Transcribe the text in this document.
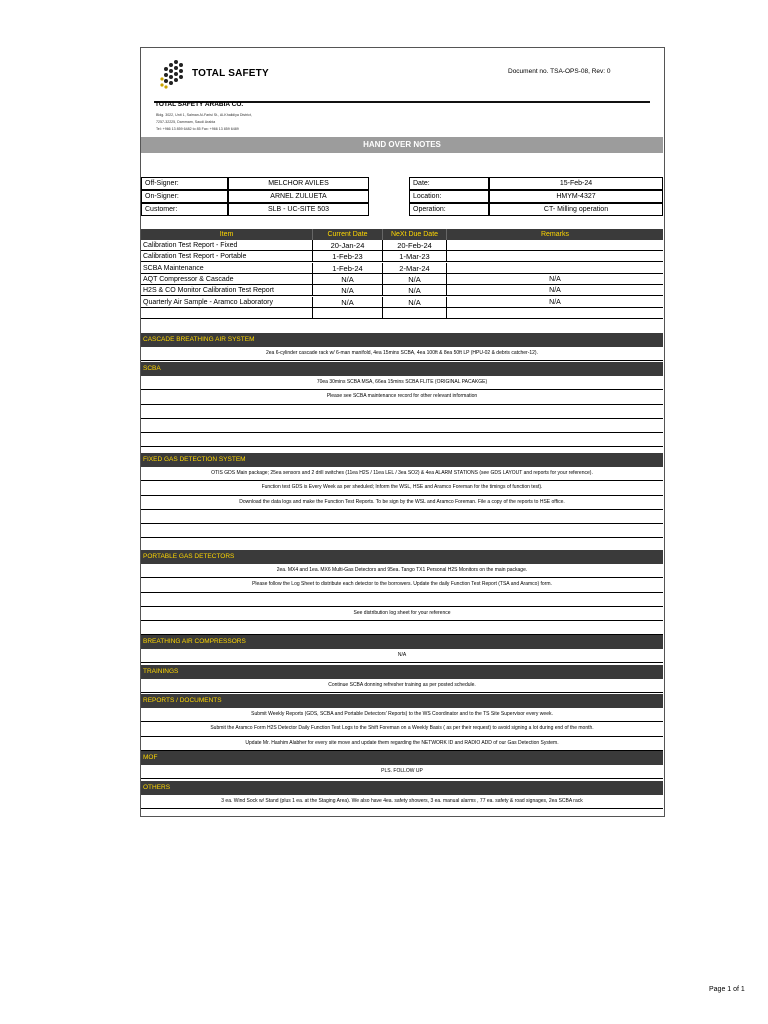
TOTAL SAFETY	Document no. TSA-OPS-08, Rev: 0
TOTAL SAFETY ARABIA CO.
Bldg. 3022, Unit 1, Salman Al-Farisi St., Al-Khalidiya District,
7257-32225, Dammam, Saudi Arabia
Tel: +966 13 859 6482 to 85 Fax: +966 13 859 6489
HAND OVER NOTES
Off-Signer:	MELCHOR AVILES
On-Signer:	ARNEL ZULUETA
Customer:	SLB - UC-SITE 503
Date:	15-Feb-24
Location:	HMYM-4327
Operation:	CT- Milling operation
Item	Current Date	NeXt Due Date	Remarks
Calibration Test Report - Fixed	20-Jan-24	20-Feb-24
Calibration Test Report - Portable	1-Feb-23	1-Mar-23
SCBA Maintenance	1-Feb-24	2-Mar-24
AQT Compressor & Cascade	N/A	N/A	N/A
H2S & CO Monitor Calibration Test Report	N/A	N/A	N/A
Quarterly Air Sample - Aramco Laboratory	N/A	N/A	N/A
CASCADE BREATHING AIR SYSTEM
2ea 6-cylinder cascade rack w/ 6-man manifold, 4ea 15mins SCBA, 4ea 100ft & 8ea 50ft LP (HPU-02 & debris catcher-12).
SCBA
70ea 30mins SCBA MSA, 66ea 15mins SCBA FLITE (ORIGINAL PACAKGE)
Please see SCBA maintenance record for other relevant information
FIXED GAS DETECTION SYSTEM
OTIS GDS Main package; 25ea sensors and 2 drill switches (11ea H2S / 11ea LEL / 3ea SO2) & 4ea ALARM STATIONS (see GDS LAYOUT and reports for your reference).
Function test GDS is Every Week as per sheduled; Inform the WSL, HSE and Aramco Foreman for the timings of function test).
Download the data logs and make the Function Test Reports. To be sign by the WSL and Aramco Foreman. File a copy of the reports to HSE office.
PORTABLE GAS DETECTORS
2ea. MX4 and 1ea. MX6 Multi-Gas Detectors and 95ea. Tango TX1 Personal H2S Monitors on the main package.
Please follow the Log Sheet to distribute each detector to the borrowers. Update the daily Function Test Report (TSA and Aramco) form.
See distribution log sheet for your reference
BREATHING AIR COMPRESSORS
N/A
TRAININGS
Continue SCBA donning refresher training as per posted schedule.
REPORTS / DOCUMENTS
Submit Weekly Reports (GDS, SCBA and Portable Detectors' Reports) to the WS Coordinator and to the TS Site Supervisor every week.
Submit the Aramco Form H2S Detector Daily Function Test Logs to the Shift Foreman on a Weekly Basis ( as per their request) to avoid signing a lot during end of the month.
Update Mr. Hashim Alabher for every site move and update them regarding the NETWORK ID and RADIO ADD of our Gas Detection System.
MOF
PLS. FOLLOW UP
OTHERS
3 ea. Wind Sock w/ Stand (plus 1 ea. at the Staging Area). We also have 4ea. safety showers, 3 ea. manual alarms , 77 ea. safety & road signages, 2ea SCBA rack
Page 1 of 1
